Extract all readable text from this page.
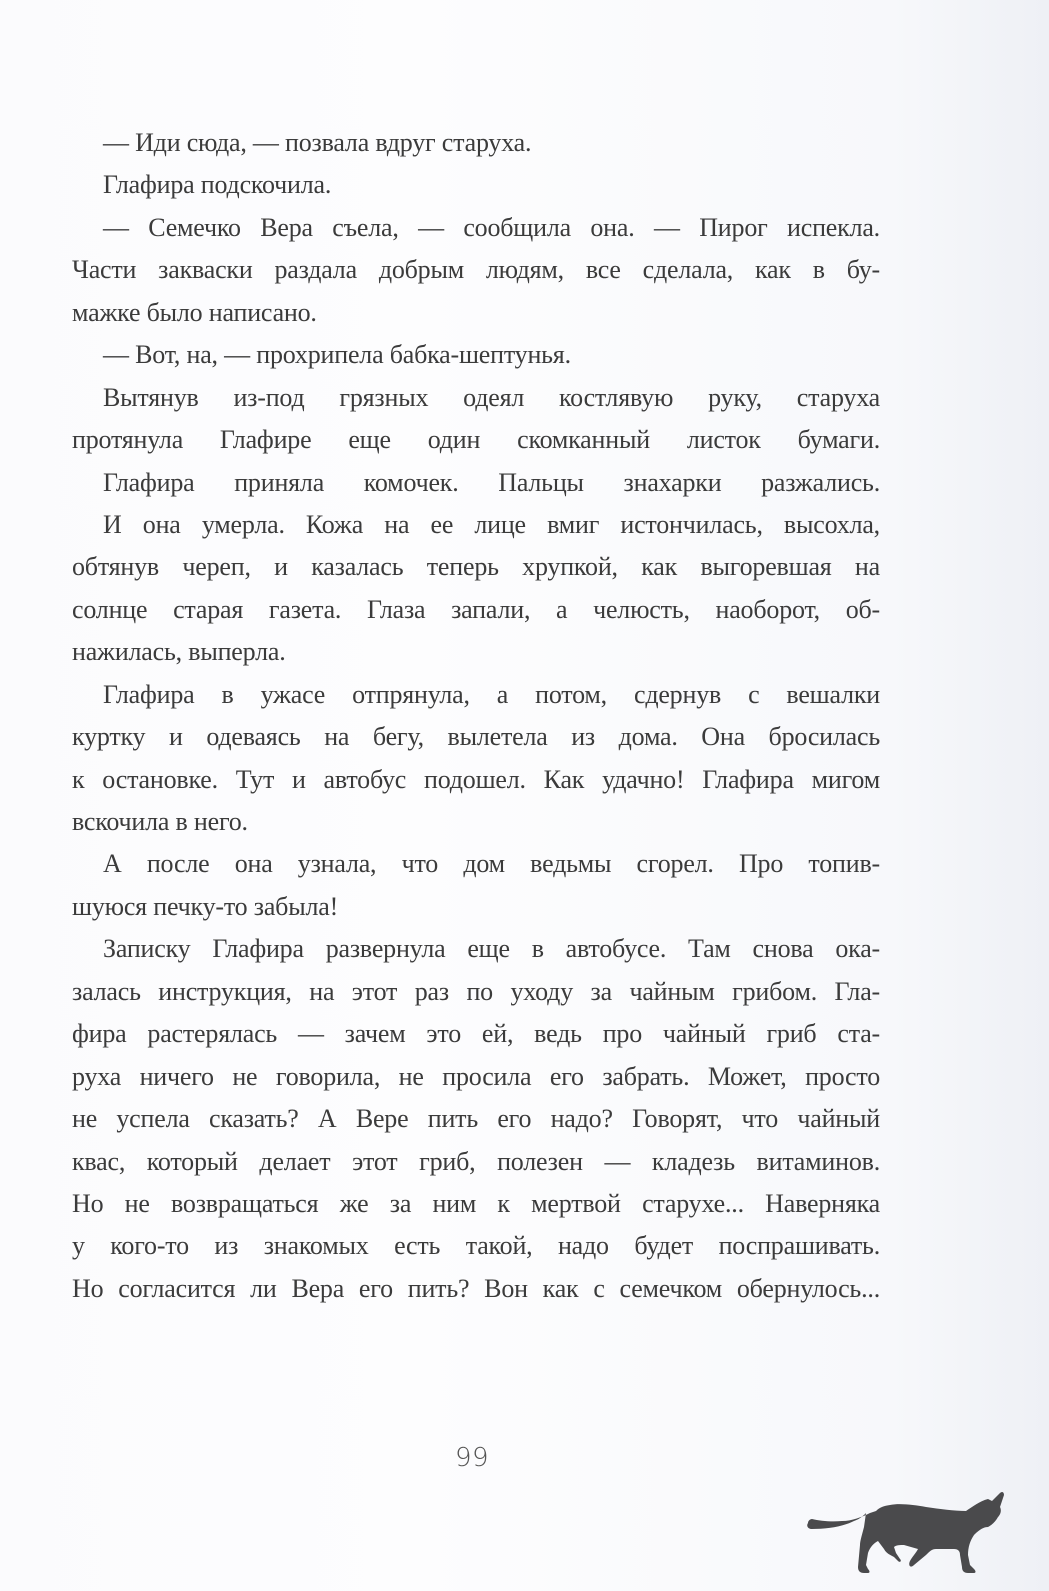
— Иди сюда, — позвала вдруг старуха.
Глафира подскочила.
— Семечко Вера съела, — сообщила она. — Пирог испекла.
Части закваски раздала добрым людям, все сделала, как в бу-
мажке было написано.
— Вот, на, — прохрипела бабка-шептунья.
Вытянув из-под грязных одеял костлявую руку, старуха
протянула Глафире еще один скомканный листок бумаги.
Глафира приняла комочек. Пальцы знахарки разжались.
И она умерла. Кожа на ее лице вмиг истончилась, высохла,
обтянув череп, и казалась теперь хрупкой, как выгоревшая на
солнце старая газета. Глаза запали, а челюсть, наоборот, об-
нажилась, выперла.
Глафира в ужасе отпрянула, а потом, сдернув с вешалки
куртку и одеваясь на бегу, вылетела из дома. Она бросилась
к остановке. Тут и автобус подошел. Как удачно! Глафира мигом
вскочила в него.
А после она узнала, что дом ведьмы сгорел. Про топив-
шуюся печку-то забыла!
Записку Глафира развернула еще в автобусе. Там снова ока-
залась инструкция, на этот раз по уходу за чайным грибом. Гла-
фира растерялась — зачем это ей, ведь про чайный гриб ста-
руха ничего не говорила, не просила его забрать. Может, просто
не успела сказать? А Вере пить его надо? Говорят, что чайный
квас, который делает этот гриб, полезен — кладезь витаминов.
Но не возвращаться же за ним к мертвой старухе... Наверняка
у кого-то из знакомых есть такой, надо будет поспрашивать.
Но согласится ли Вера его пить? Вон как с семечком обернулось...
99
